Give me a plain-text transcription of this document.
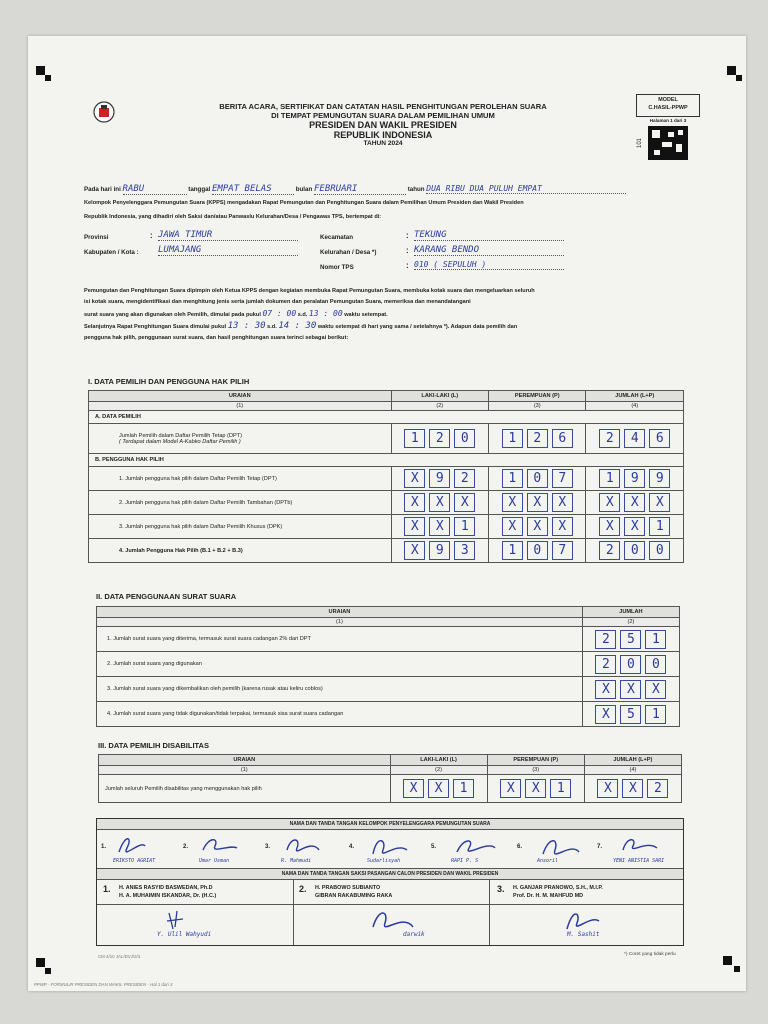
BERITA ACARA, SERTIFIKAT DAN CATATAN HASIL PENGHITUNGAN PEROLEHAN SUARA
DI TEMPAT PEMUNGUTAN SUARA DALAM PEMILIHAN UMUM
PRESIDEN DAN WAKIL PRESIDEN
REPUBLIK INDONESIA
TAHUN 2024
MODEL
C.HASIL-PPWP
Halaman 1 dari 3
101
Pada hari ini RABU	tanggal EMPAT BELAS	bulan FEBRUARI	tahun DUA RIBU DUA PULUH EMPAT
Kelompok Penyelenggara Pemungutan Suara (KPPS) mengadakan Rapat Pemungutan dan Penghitungan Suara dalam Pemilihan Umum Presiden dan Wakil Presiden
Republik Indonesia, yang dihadiri oleh Saksi dan/atau Panwaslu Kelurahan/Desa / Pengawas TPS, bertempat di:
Provinsi	: JAWA TIMUR
Kabupaten / Kota : LUMAJANG
Kecamatan	: TEKUNG
Kelurahan / Desa *)	: KARANG BENDO
Nomor TPS	: 010 ( SEPULUH )
Pemungutan dan Penghitungan Suara dipimpin oleh Ketua KPPS dengan kegiatan membuka Rapat Pemungutan Suara, membuka kotak suara dan mengeluarkan seluruh
isi kotak suara, mengidentifikasi dan menghitung jenis serta jumlah dokumen dan peralatan Pemungutan Suara, memeriksa dan menandatangani
surat suara yang akan digunakan oleh Pemilih, dimulai pada pukul 07 : 00 s.d. 13 : 00 waktu setempat.
Selanjutnya Rapat Penghitungan Suara dimulai pukul 13 : 30 s.d. 14 : 30 waktu setempat di hari yang sama / setelahnya *). Adapun data pemilih dan
pengguna hak pilih, penggunaan surat suara, dan hasil penghitungan suara terinci sebagai berikut:
I. DATA PEMILIH DAN PENGGUNA HAK PILIH
URAIAN	LAKI-LAKI (L)	PEREMPUAN (P)	JUMLAH (L+P)
(1)	(2)	(3)	(4)
A. DATA PEMILIH			

Jumlah Pemilih dalam Daftar Pemilih Tetap (DPT)
( Terdapat dalam Model A-Kabko Daftar Pemilih )	1 2 0	1 2 6	2 4 6
B. PENGGUNA HAK PILIH			
1. Jumlah pengguna hak pilih dalam Daftar Pemilih Tetap (DPT)	X 9 2	1 0 7	1 9 9
2. Jumlah pengguna hak pilih dalam Daftar Pemilih Tambahan (DPTb)	X X X	X X X	X X X
3. Jumlah pengguna hak pilih dalam Daftar Pemilih Khusus (DPK)	X X 1	X X X	X X 1
4. Jumlah Pengguna Hak Pilih (B.1 + B.2 + B.3)	X 9 3	1 0 7	2 0 0
II. DATA PENGGUNAAN SURAT SUARA
URAIAN	JUMLAH
(1)	(2)
1. Jumlah surat suara yang diterima, termasuk surat suara cadangan 2% dari DPT	2 5 1
2. Jumlah surat suara yang digunakan	2 0 0
3. Jumlah surat suara yang dikembalikan oleh pemilih (karena rusak atau keliru coblos)	X X X
4. Jumlah surat suara yang tidak digunakan/tidak terpakai, termasuk sisa surat suara cadangan	X 5 1
III. DATA PEMILIH DISABILITAS
URAIAN	LAKI-LAKI (L)	PEREMPUAN (P)	JUMLAH (L+P)
(1)	(2)	(3)	(4)
Jumlah seluruh Pemilih disabilitas yang menggunakan hak pilih	X X 1	X X 1	X X 2
NAMA DAN TANDA TANGAN KELOMPOK PENYELENGGARA PEMUNGUTAN SUARA
1.
ERIKSTO AGRIAT
2.
Umar Usman
3.
R. Mahmudi
4.
Sudarlisyah
5.
RAPI P. S
6.
Ansoril
7.
YENI ANISTIA SARI
NAMA DAN TANDA TANGAN SAKSI PASANGAN CALON PRESIDEN DAN WAKIL PRESIDEN
1. H. ANIES RASYID BASWEDAN, Ph.D
H. A. MUHAIMIN ISKANDAR, Dr. (H.C.)
2. H. PRABOWO SUBIANTO
GIBRAN RAKABUMING RAKA
3. H. GANJAR PRANOWO, S.H., M.I.P.
Prof. Dr. H. M. MAHFUD MD
Y. Ulil Wahyudi	darwik	M. Sashit
CM 4/10 JAL/DVJ/2/4	*) Coret yang tidak perlu
PPWP - FORMULIR PRESIDEN DAN WAKIL PRESIDEN - Hal 1 dari 3
